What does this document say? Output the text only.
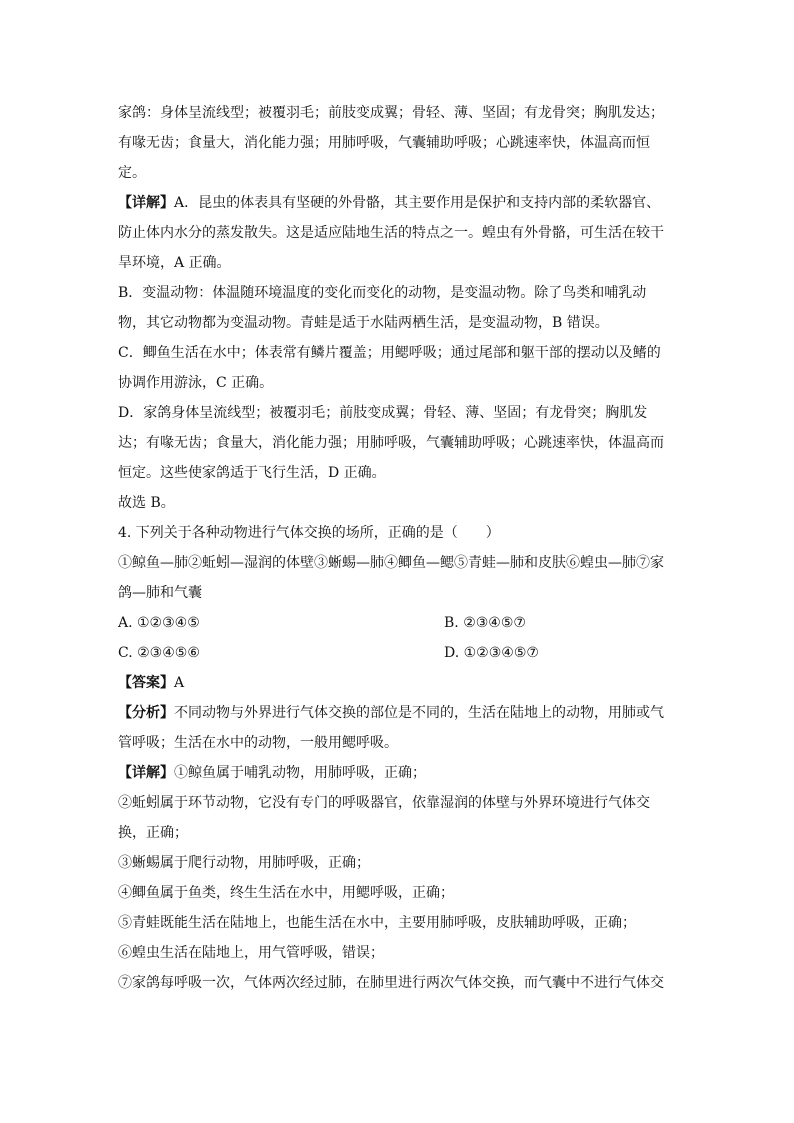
家鸽：身体呈流线型；被覆羽毛；前肢变成翼；骨轻、薄、坚固；有龙骨突；胸肌发达；
有喙无齿；食量大，消化能力强；用肺呼吸，气囊辅助呼吸；心跳速率快，体温高而恒
定。
【详解】A．昆虫的体表具有坚硬的外骨骼，其主要作用是保护和支持内部的柔软器官、
防止体内水分的蒸发散失。这是适应陆地生活的特点之一。蝗虫有外骨骼，可生活在较干
旱环境，A 正确。
B．变温动物：体温随环境温度的变化而变化的动物，是变温动物。除了鸟类和哺乳动
物，其它动物都为变温动物。青蛙是适于水陆两栖生活，是变温动物，B 错误。
C．鲫鱼生活在水中；体表常有鳞片覆盖；用鳃呼吸；通过尾部和躯干部的摆动以及鳍的
协调作用游泳，C 正确。
D．家鸽身体呈流线型；被覆羽毛；前肢变成翼；骨轻、薄、坚固；有龙骨突；胸肌发
达；有喙无齿；食量大，消化能力强；用肺呼吸，气囊辅助呼吸；心跳速率快，体温高而
恒定。这些使家鸽适于飞行生活，D 正确。
故选 B。
4. 下列关于各种动物进行气体交换的场所，正确的是（　　）
①鲸鱼—肺②蚯蚓—湿润的体壁③蜥蜴—肺④鲫鱼—鳃⑤青蛙—肺和皮肤⑥蝗虫—肺⑦家
鸽—肺和气囊
A. ①②③④⑤	B. ②③④⑤⑦
C. ②③④⑤⑥	D. ①②③④⑤⑦
【答案】A
【分析】不同动物与外界进行气体交换的部位是不同的，生活在陆地上的动物，用肺或气
管呼吸；生活在水中的动物，一般用鳃呼吸。
【详解】①鲸鱼属于哺乳动物，用肺呼吸，正确；
②蚯蚓属于环节动物，它没有专门的呼吸器官，依靠湿润的体壁与外界环境进行气体交
换，正确；
③蜥蜴属于爬行动物，用肺呼吸，正确；
④鲫鱼属于鱼类，终生生活在水中，用鳃呼吸，正确；
⑤青蛙既能生活在陆地上，也能生活在水中，主要用肺呼吸，皮肤辅助呼吸，正确；
⑥蝗虫生活在陆地上，用气管呼吸，错误；
⑦家鸽每呼吸一次，气体两次经过肺，在肺里进行两次气体交换，而气囊中不进行气体交
